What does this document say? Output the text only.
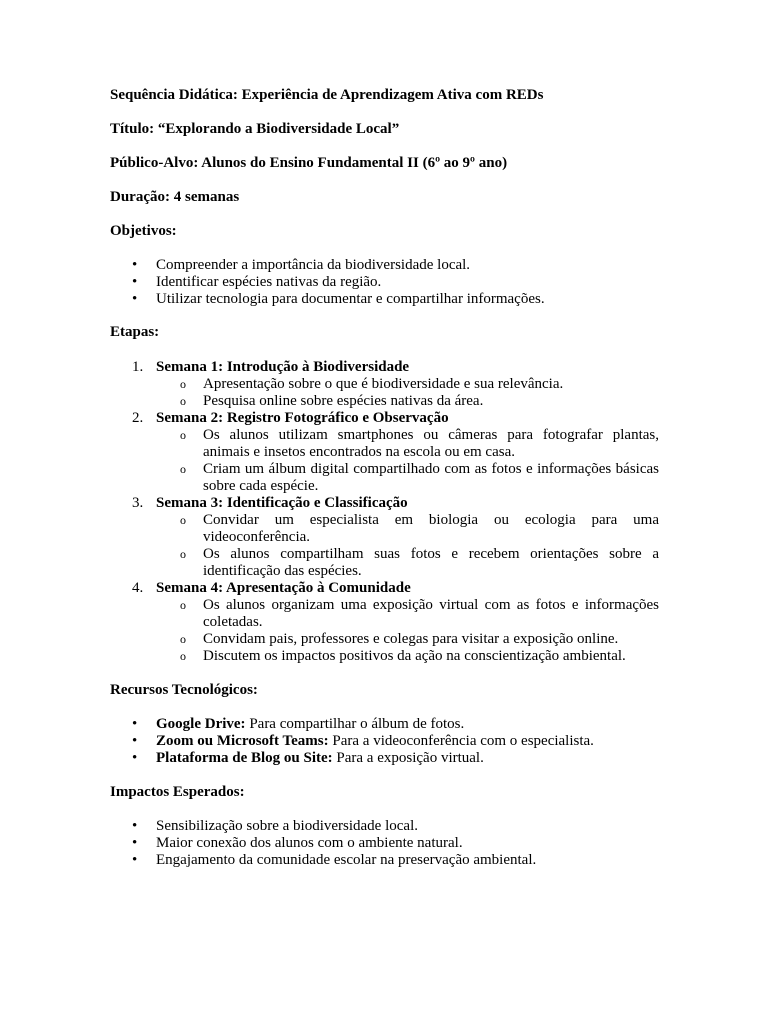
Sequência Didática: Experiência de Aprendizagem Ativa com REDs

Título: “Explorando a Biodiversidade Local”

Público-Alvo: Alunos do Ensino Fundamental II (6º ao 9º ano)

Duração: 4 semanas

Objetivos:

• Compreender a importância da biodiversidade local.
• Identificar espécies nativas da região.
• Utilizar tecnologia para documentar e compartilhar informações.

Etapas:

1. Semana 1: Introdução à Biodiversidade
o Apresentação sobre o que é biodiversidade e sua relevância.
o Pesquisa online sobre espécies nativas da área.
2. Semana 2: Registro Fotográfico e Observação
o Os alunos utilizam smartphones ou câmeras para fotografar plantas, animais e insetos encontrados na escola ou em casa.
o Criam um álbum digital compartilhado com as fotos e informações básicas sobre cada espécie.
3. Semana 3: Identificação e Classificação
o Convidar um especialista em biologia ou ecologia para uma videoconferência.
o Os alunos compartilham suas fotos e recebem orientações sobre a identificação das espécies.
4. Semana 4: Apresentação à Comunidade
o Os alunos organizam uma exposição virtual com as fotos e informações coletadas.
o Convidam pais, professores e colegas para visitar a exposição online.
o Discutem os impactos positivos da ação na conscientização ambiental.

Recursos Tecnológicos:

• Google Drive: Para compartilhar o álbum de fotos.
• Zoom ou Microsoft Teams: Para a videoconferência com o especialista.
• Plataforma de Blog ou Site: Para a exposição virtual.

Impactos Esperados:

• Sensibilização sobre a biodiversidade local.
• Maior conexão dos alunos com o ambiente natural.
• Engajamento da comunidade escolar na preservação ambiental.
